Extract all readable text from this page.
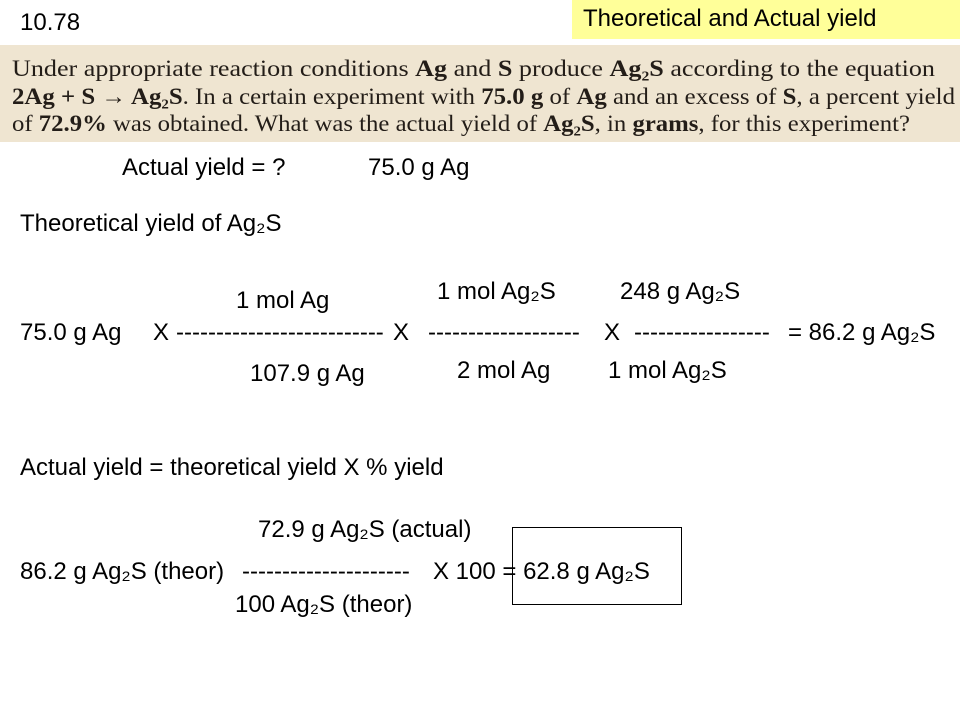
10.78	Theoretical and Actual yield
Under appropriate reaction conditions Ag and S produce Ag₂S according to the equation
2Ag + S → Ag₂S . In a certain experiment with 75.0 g of Ag and an excess of S, a percent yield
of 72.9% was obtained. What was the actual yield of Ag₂S , in grams , for this experiment?
Actual yield = ?	75.0 g Ag
Theoretical yield of Ag₂S
1 mol Ag	1 mol Ag₂S	248 g Ag₂S
75.0 g Ag X -------------------------- X ------------------- X ----------------- = 86.2 g Ag₂S
107.9 g Ag	2 mol Ag 1 mol Ag₂S
Actual yield = theoretical yield X % yield
72.9 g Ag₂S (actual)
86.2 g Ag₂S (theor) --------------------- X 100 = 62.8 g Ag₂S
100 Ag₂S (theor)
